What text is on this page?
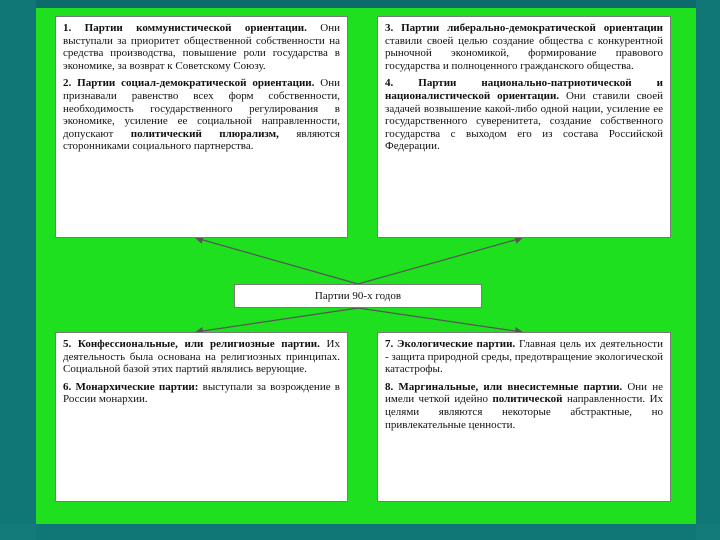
1. Партии коммунистической ориентации. Они выступали за приоритет общественной собственности на средства производства, повышение роли государства в экономике, за возврат к Советскому Союзу.

2. Партии социал-демократической ориентации. Они признавали равенство всех форм собственности, необходимость государственного регулирования в экономике, усиление ее социальной направленности, допускают политический плюрализм, являются сторонниками социального партнерства.

3. Партии либерально-демократической ориентации ставили своей целью создание общества с конкурентной рыночной экономикой, формирование правового государства и полноценного гражданского общества.

4. Партии национально-патриотической и националистической ориентации. Они ставили своей задачей возвышение какой-либо одной нации, усиление ее государственного суверенитета, создание собственного государства с выходом его из состава Российской Федерации.

Партии 90-х годов

5. Конфессиональные, или религиозные партии. Их деятельность была основана на религиозных принципах. Социальной базой этих партий являлись верующие.

6. Монархические партии: выступали за возрождение в России монархии.

7. Экологические партии. Главная цель их деятельности - защита природной среды, предотвращение экологической катастрофы.

8. Маргинальные, или внесистемные партии. Они не имели четкой идейно политической направленности. Их целями являются некоторые абстрактные, но привлекательные ценности.
